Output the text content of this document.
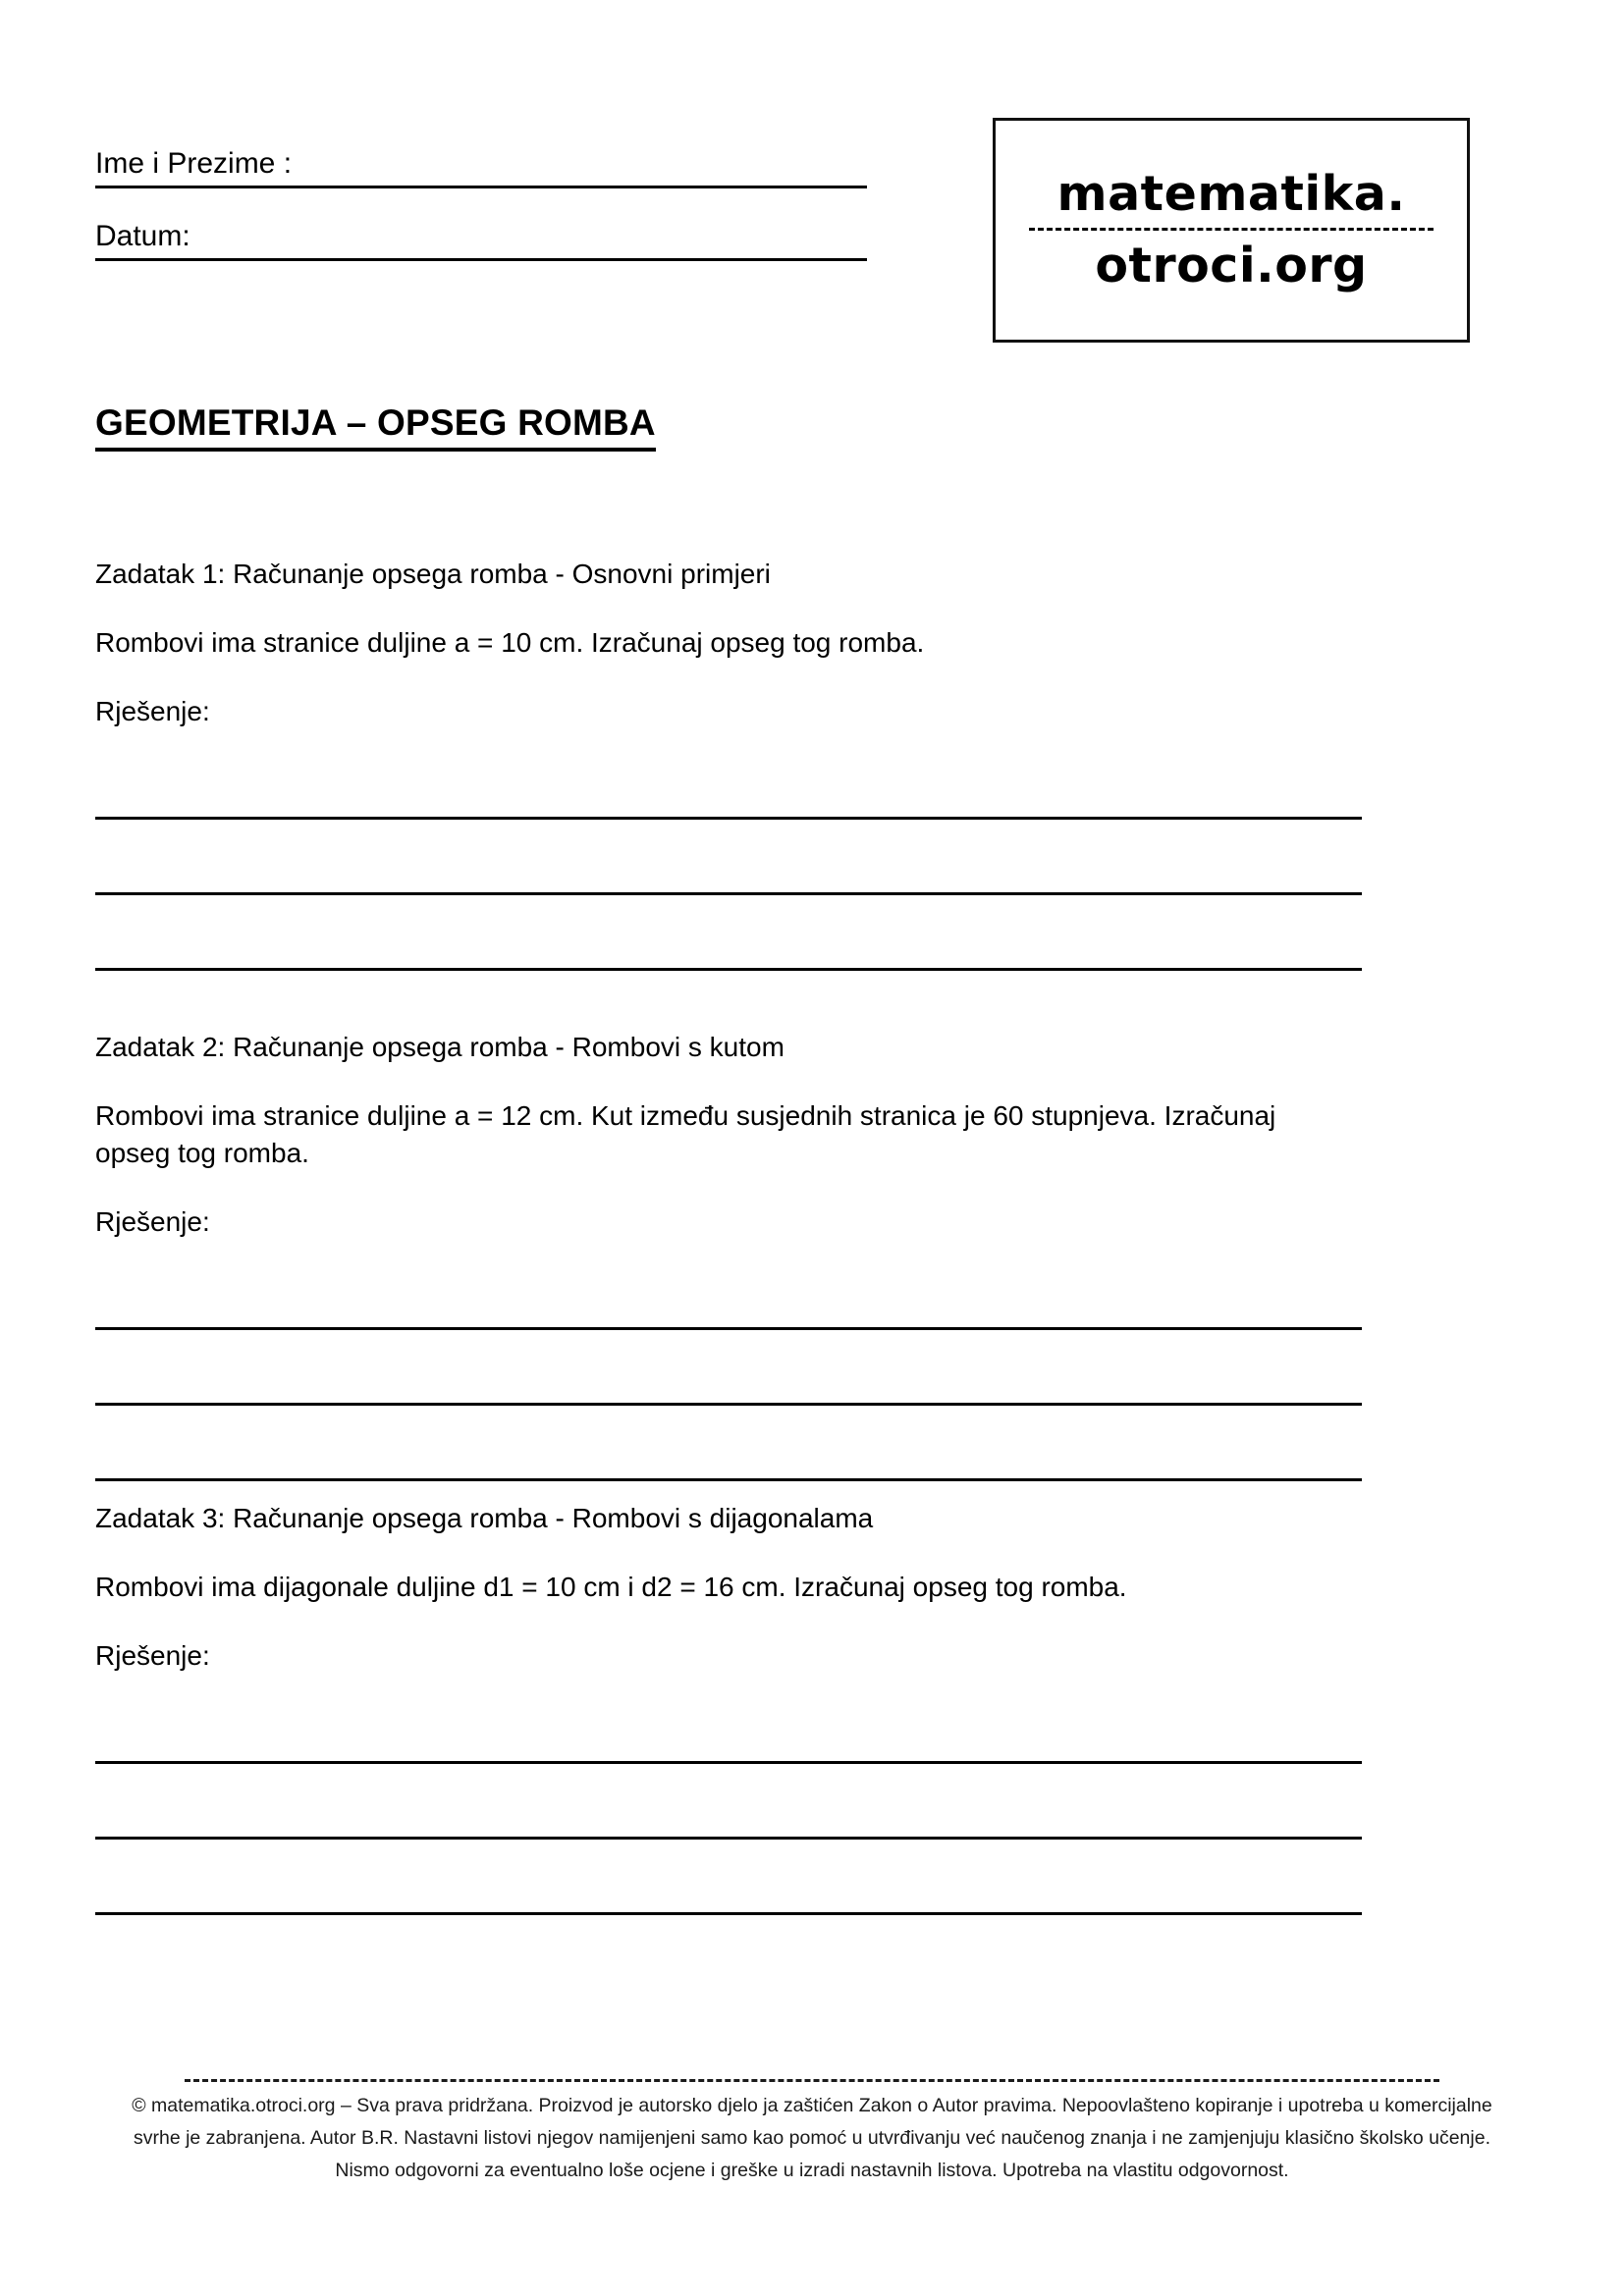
Ime i Prezime :
Datum:
matematika.
otroci.org
GEOMETRIJA – OPSEG ROMBA

Zadatak 1: Računanje opsega romba - Osnovni primjeri

Rombovi ima stranice duljine a = 10 cm. Izračunaj opseg tog romba.

Rješenje:

Zadatak 2: Računanje opsega romba - Rombovi s kutom

Rombovi ima stranice duljine a = 12 cm. Kut između susjednih stranica je 60 stupnjeva. Izračunaj opseg tog romba.

Rješenje:

Zadatak 3: Računanje opsega romba - Rombovi s dijagonalama

Rombovi ima dijagonale duljine d1 = 10 cm i d2 = 16 cm. Izračunaj opseg tog romba.

Rješenje:

© matematika.otroci.org – Sva prava pridržana. Proizvod je autorsko djelo ja zaštićen Zakon o Autor pravima. Nepoovlašteno kopiranje i upotreba u komercijalne

svrhe je zabranjena. Autor B.R. Nastavni listovi njegov namijenjeni samo kao pomoć u utvrđivanju već naučenog znanja i ne zamjenjuju klasično školsko učenje.

Nismo odgovorni za eventualno loše ocjene i greške u izradi nastavnih listova. Upotreba na vlastitu odgovornost.
